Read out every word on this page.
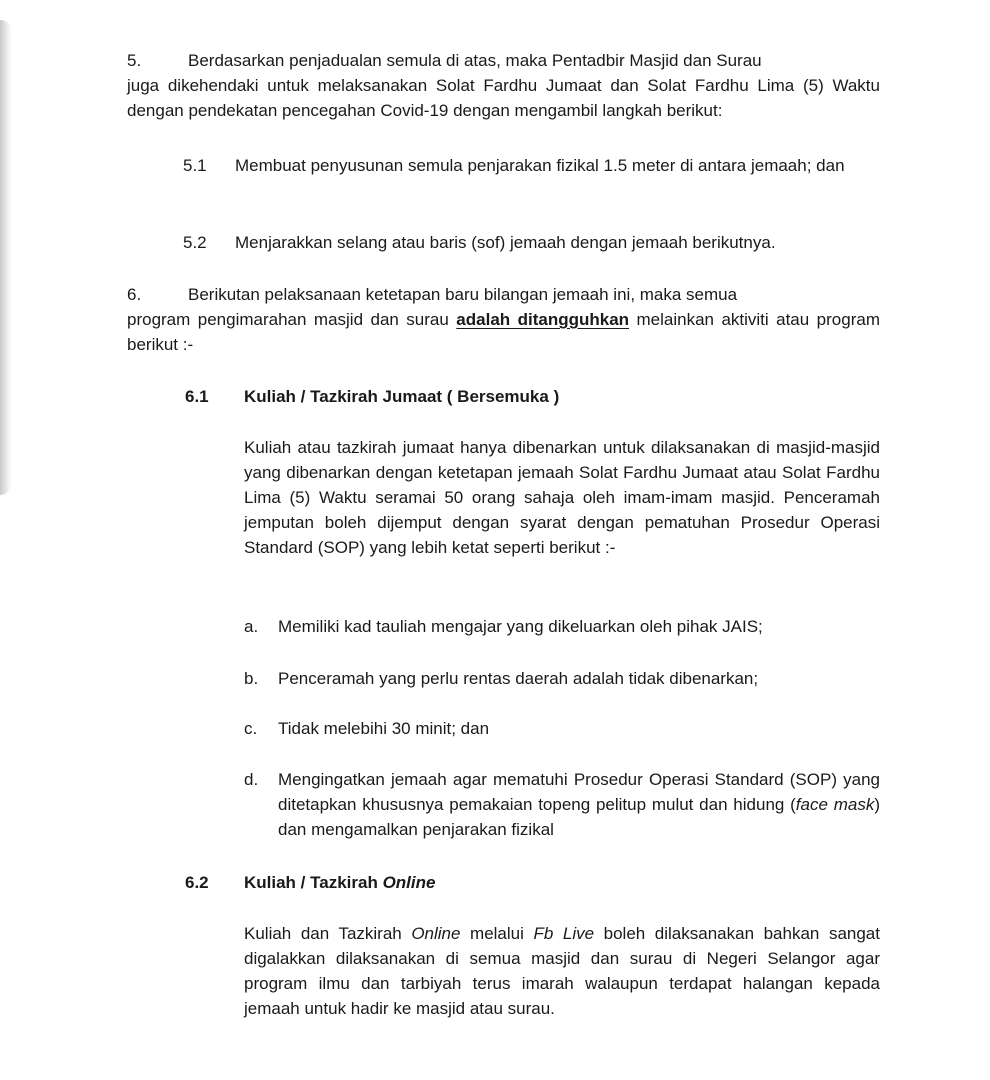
5.	Berdasarkan penjadualan semula di atas, maka Pentadbir Masjid dan Surau
juga dikehendaki untuk melaksanakan Solat Fardhu Jumaat dan Solat Fardhu Lima (5) Waktu dengan pendekatan pencegahan Covid-19 dengan mengambil langkah berikut:
5.1 Membuat penyusunan semula penjarakan fizikal 1.5 meter di antara jemaah; dan
5.2 Menjarakkan selang atau baris (sof) jemaah dengan jemaah berikutnya.
6.	Berikutan pelaksanaan ketetapan baru bilangan jemaah ini, maka semua
program pengimarahan masjid dan surau adalah ditangguhkan melainkan aktiviti atau program berikut :-
6.1 Kuliah / Tazkirah Jumaat ( Bersemuka )
Kuliah atau tazkirah jumaat hanya dibenarkan untuk dilaksanakan di masjid-masjid yang dibenarkan dengan ketetapan jemaah Solat Fardhu Jumaat atau Solat Fardhu Lima (5) Waktu seramai 50 orang sahaja oleh imam-imam masjid. Penceramah jemputan boleh dijemput dengan syarat dengan pematuhan Prosedur Operasi Standard (SOP) yang lebih ketat seperti berikut :-
a. Memiliki kad tauliah mengajar yang dikeluarkan oleh pihak JAIS;
b. Penceramah yang perlu rentas daerah adalah tidak dibenarkan;
c. Tidak melebihi 30 minit; dan
d. Mengingatkan jemaah agar mematuhi Prosedur Operasi Standard (SOP) yang ditetapkan khususnya pemakaian topeng pelitup mulut dan hidung (face mask) dan mengamalkan penjarakan fizikal
6.2 Kuliah / Tazkirah Online
Kuliah dan Tazkirah Online melalui Fb Live boleh dilaksanakan bahkan sangat digalakkan dilaksanakan di semua masjid dan surau di Negeri Selangor agar program ilmu dan tarbiyah terus imarah walaupun terdapat halangan kepada jemaah untuk hadir ke masjid atau surau.
